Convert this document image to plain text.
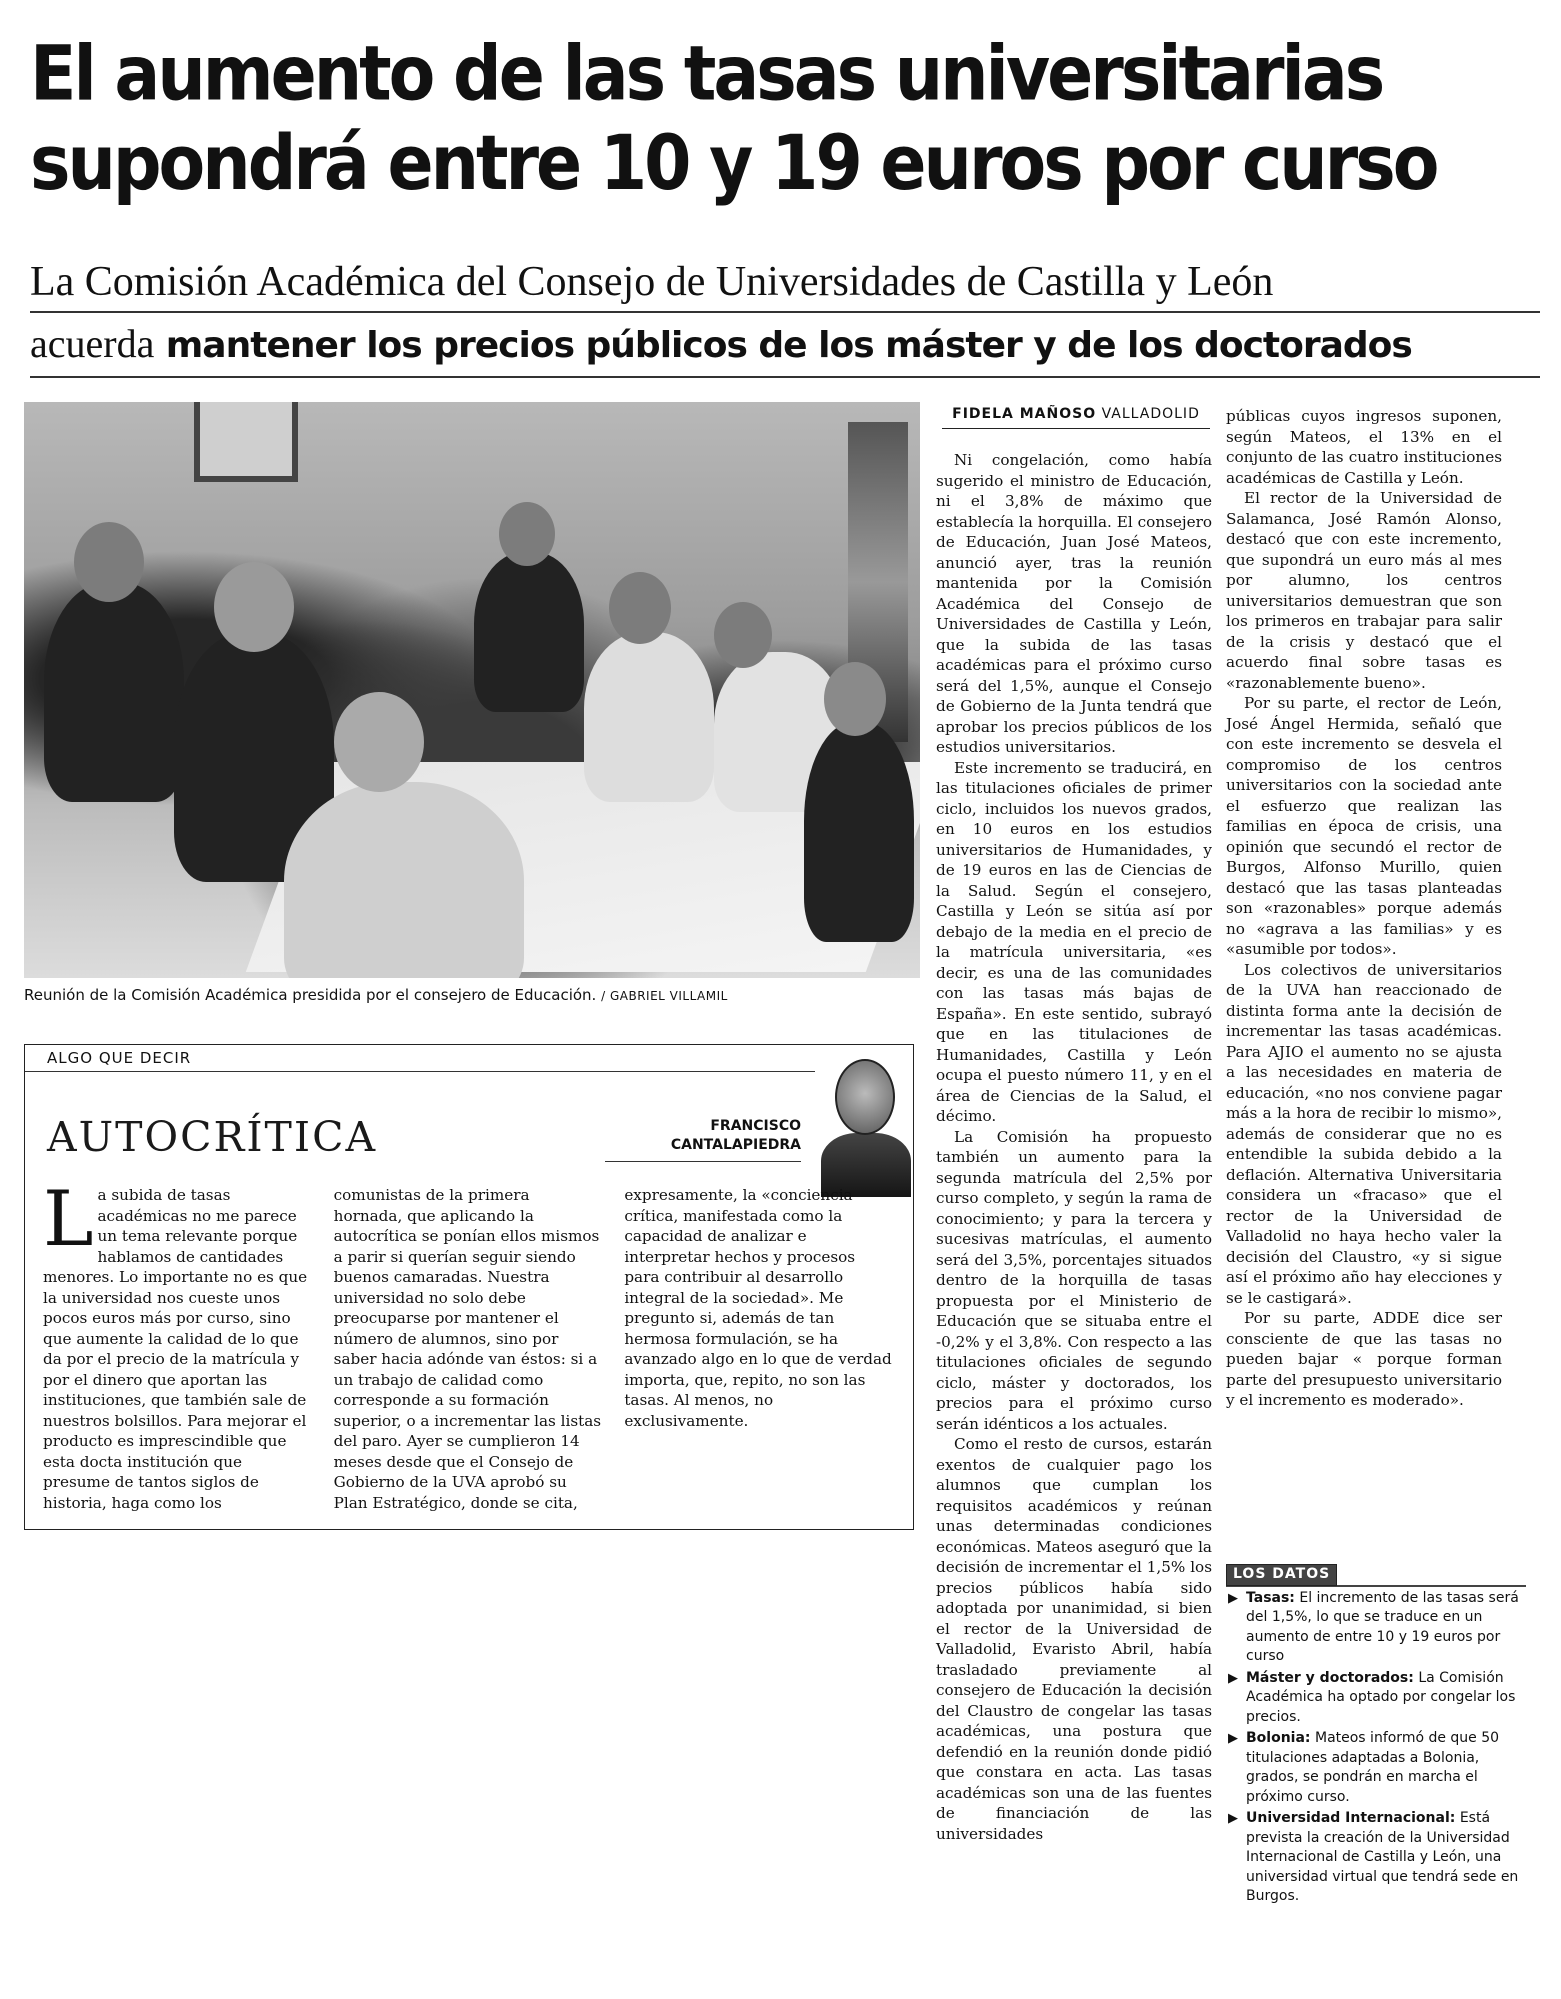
El aumento de las tasas universitarias
supondrá entre 10 y 19 euros por curso
La Comisión Académica del Consejo de Universidades de Castilla y León
acuerda mantener los precios públicos de los máster y de los doctorados
Reunión de la Comisión Académica presidida por el consejero de Educación. / GABRIEL VILLAMIL
ALGO QUE DECIR
AUTOCRÍTICA	FRANCISCO
CANTALAPIEDRA

La subida de tasas académicas no me parece un tema relevante porque hablamos de cantidades menores. Lo importante no es que la universidad nos cueste unos pocos euros más por curso, sino que aumente la calidad de lo que da por el precio de la matrícula y por el dinero que aportan las instituciones, que también sale de nuestros bolsillos. Para mejorar el producto es imprescindible que esta docta institución que presume de tantos siglos de historia, haga como los comunistas de la primera hornada, que aplicando la autocrítica se ponían ellos mismos a parir si querían seguir siendo buenos camaradas. Nuestra universidad no solo debe preocuparse por mantener el número de alumnos, sino por saber hacia adónde van éstos: si a un trabajo de calidad como corresponde a su formación superior, o a incrementar las listas del paro. Ayer se cumplieron 14 meses desde que el Consejo de Gobierno de la UVA aprobó su Plan Estratégico, donde se cita, expresamente, la «conciencia crítica, manifestada como la capacidad de analizar e interpretar hechos y procesos para contribuir al desarrollo integral de la sociedad». Me pregunto si, además de tan hermosa formulación, se ha avanzado algo en lo que de verdad importa, que, repito, no son las tasas. Al menos, no exclusivamente.

FIDELA MAÑOSO VALLADOLID

Ni congelación, como había sugerido el ministro de Educación, ni el 3,8% de máximo que establecía la horquilla. El consejero de Educación, Juan José Mateos, anunció ayer, tras la reunión mantenida por la Comisión Académica del Consejo de Universidades de Castilla y León, que la subida de las tasas académicas para el próximo curso será del 1,5%, aunque el Consejo de Gobierno de la Junta tendrá que aprobar los precios públicos de los estudios universitarios.

Este incremento se traducirá, en las titulaciones oficiales de primer ciclo, incluidos los nuevos grados, en 10 euros en los estudios universitarios de Humanidades, y de 19 euros en las de Ciencias de la Salud. Según el consejero, Castilla y León se sitúa así por debajo de la media en el precio de la matrícula universitaria, «es decir, es una de las comunidades con las tasas más bajas de España». En este sentido, subrayó que en las titulaciones de Humanidades, Castilla y León ocupa el puesto número 11, y en el área de Ciencias de la Salud, el décimo.

La Comisión ha propuesto también un aumento para la segunda matrícula del 2,5% por curso completo, y según la rama de conocimiento; y para la tercera y sucesivas matrículas, el aumento será del 3,5%, porcentajes situados dentro de la horquilla de tasas propuesta por el Ministerio de Educación que se situaba entre el -0,2% y el 3,8%. Con respecto a las titulaciones oficiales de segundo ciclo, máster y doctorados, los precios para el próximo curso serán idénticos a los actuales.

Como el resto de cursos, estarán exentos de cualquier pago los alumnos que cumplan los requisitos académicos y reúnan unas determinadas condiciones económicas. Mateos aseguró que la decisión de incrementar el 1,5% los precios públicos había sido adoptada por unanimidad, si bien el rector de la Universidad de Valladolid, Evaristo Abril, había trasladado previamente al consejero de Educación la decisión del Claustro de congelar las tasas académicas, una postura que defendió en la reunión donde pidió que constara en acta. Las tasas académicas son una de las fuentes de financiación de las universidades

públicas cuyos ingresos suponen, según Mateos, el 13% en el conjunto de las cuatro instituciones académicas de Castilla y León.

El rector de la Universidad de Salamanca, José Ramón Alonso, destacó que con este incremento, que supondrá un euro más al mes por alumno, los centros universitarios demuestran que son los primeros en trabajar para salir de la crisis y destacó que el acuerdo final sobre tasas es «razonablemente bueno».

Por su parte, el rector de León, José Ángel Hermida, señaló que con este incremento se desvela el compromiso de los centros universitarios con la sociedad ante el esfuerzo que realizan las familias en época de crisis, una opinión que secundó el rector de Burgos, Alfonso Murillo, quien destacó que las tasas planteadas son «razonables» porque además no «agrava a las familias» y es «asumible por todos».

Los colectivos de universitarios de la UVA han reaccionado de distinta forma ante la decisión de incrementar las tasas académicas. Para AJIO el aumento no se ajusta a las necesidades en materia de educación, «no nos conviene pagar más a la hora de recibir lo mismo», además de considerar que no es entendible la subida debido a la deflación. Alternativa Universitaria considera un «fracaso» que el rector de la Universidad de Valladolid no haya hecho valer la decisión del Claustro, «y si sigue así el próximo año hay elecciones y se le castigará».

Por su parte, ADDE dice ser consciente de que las tasas no pueden bajar « porque forman parte del presupuesto universitario y el incremento es moderado».

LOS DATOS
▶ Tasas: El incremento de las tasas será del 1,5%, lo que se traduce en un aumento de entre 10 y 19 euros por curso
▶ Máster y doctorados: La Comisión Académica ha optado por congelar los precios.
▶ Bolonia: Mateos informó de que 50 titulaciones adaptadas a Bolonia, grados, se pondrán en marcha el próximo curso.
▶ Universidad Internacional: Está prevista la creación de la Universidad Internacional de Castilla y León, una universidad virtual que tendrá sede en Burgos.
